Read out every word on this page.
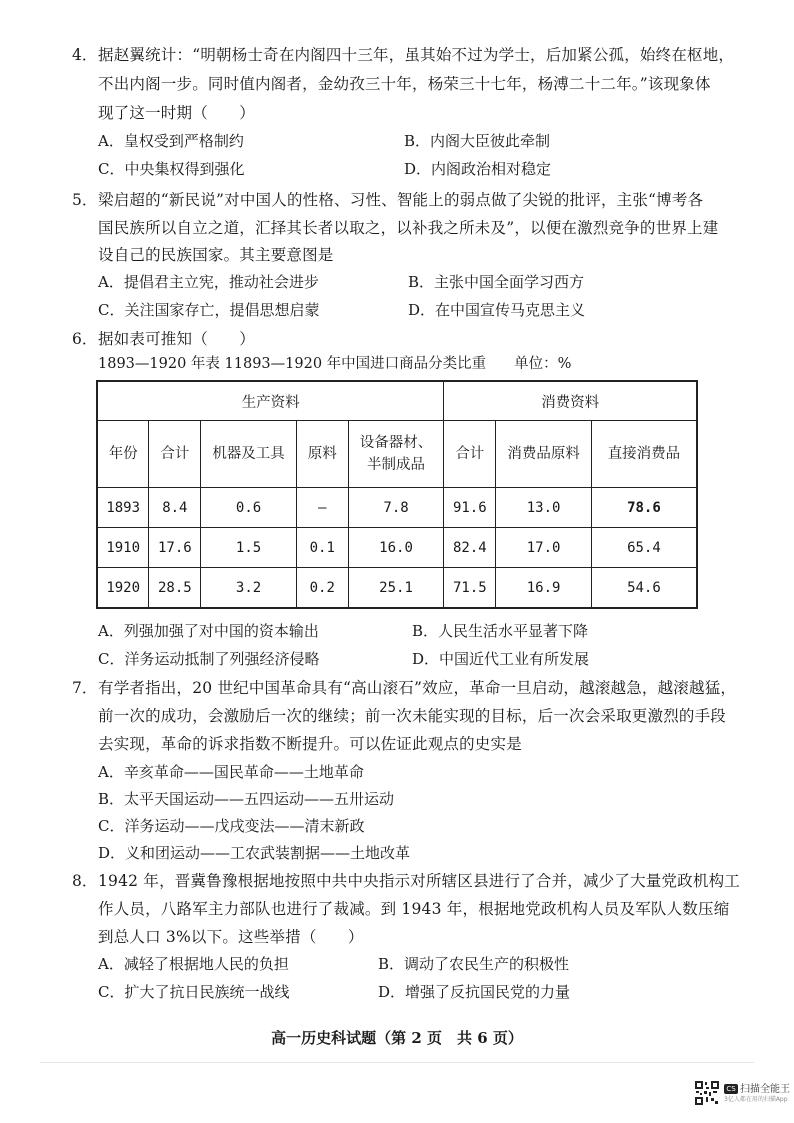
4． 据赵翼统计：“明朝杨士奇在内阁四十三年，虽其始不过为学士，后加紧公孤，始终在枢地，
不出内阁一步。同时值内阁者，金幼孜三十年，杨荣三十七年，杨溥二十二年。”该现象体
现了这一时期（　　）
A．皇权受到严格制约	B．内阁大臣彼此牵制
C．中央集权得到强化	D．内阁政治相对稳定
5． 梁启超的“新民说”对中国人的性格、习性、智能上的弱点做了尖锐的批评，主张“博考各
国民族所以自立之道，汇择其长者以取之，以补我之所未及”，以便在激烈竞争的世界上建
设自己的民族国家。其主要意图是
A．提倡君主立宪，推动社会进步	B．主张中国全面学习西方
C．关注国家存亡，提倡思想启蒙	D．在中国宣传马克思主义
6． 据如表可推知（　　）
1893—1920 年表 11893—1920 年中国进口商品分类比重 单位：%
生产资料					消费资料		
年份	合计	机器及工具	原料	设备器材、半制成品	合计	消费品原料	直接消费品
1893	8.4	0.6	—	7.8	91.6	13.0	78.6
1910	17.6	1.5	0.1	16.0	82.4	17.0	65.4
1920	28.5	3.2	0.2	25.1	71.5	16.9	54.6
A．列强加强了对中国的资本输出	B．人民生活水平显著下降
C．洋务运动抵制了列强经济侵略	D．中国近代工业有所发展
7． 有学者指出，20 世纪中国革命具有“高山滚石”效应，革命一旦启动，越滚越急，越滚越猛，
前一次的成功，会激励后一次的继续；前一次未能实现的目标，后一次会采取更激烈的手段
去实现，革命的诉求指数不断提升。可以佐证此观点的史实是
A．辛亥革命——国民革命——土地革命
B．太平天国运动——五四运动——五卅运动
C．洋务运动——戊戌变法——清末新政
D．义和团运动——工农武装割据——土地改革
8． 1942 年，晋冀鲁豫根据地按照中共中央指示对所辖区县进行了合并，减少了大量党政机构工
作人员，八路军主力部队也进行了裁减。到 1943 年，根据地党政机构人员及军队人数压缩
到总人口 3%以下。这些举措（　　）
A．减轻了根据地人民的负担	B．调动了农民生产的积极性
C．扩大了抗日民族统一战线	D．增强了反抗国民党的力量
高一历史科试题（第 2 页　共 6 页）
CS 扫描全能王
3亿人都在用的扫描App
